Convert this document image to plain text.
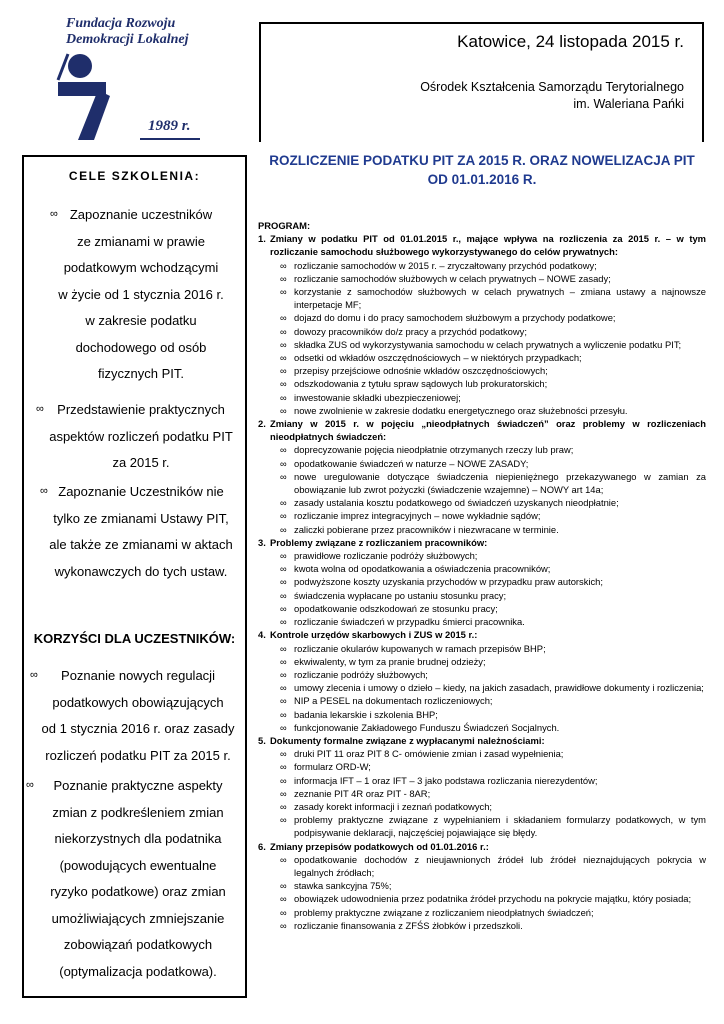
Fundacja Rozwoju
Demokracji Lokalnej
1989 r.
Katowice, 24 listopada 2015 r.
Ośrodek Kształcenia Samorządu Terytorialnego
im. Waleriana Pańki
ROZLICZENIE PODATKU PIT ZA 2015 R. ORAZ NOWELIZACJA PIT
OD 01.01.2016 R.
CELE SZKOLENIA:
∞ Zapoznanie uczestników
ze zmianami w prawie
podatkowym wchodzącymi
w życie od 1 stycznia 2016 r.
w zakresie podatku
dochodowego od osób
fizycznych PIT.
∞	Przedstawienie praktycznych
aspektów rozliczeń podatku PIT
za 2015 r.
∞ Zapoznanie Uczestników nie
tylko ze zmianami Ustawy PIT,
ale także ze zmianami w aktach
wykonawczych do tych ustaw.
∞	Poznanie nowych regulacji
podatkowych obowiązujących
od 1 stycznia 2016 r. oraz zasady
rozliczeń podatku PIT za 2015 r.
∞	Poznanie praktyczne aspekty
zmian z podkreśleniem zmian
niekorzystnych dla podatnika
(powodujących ewentualne
ryzyko podatkowe) oraz zmian
umożliwiających zmniejszanie
zobowiązań podatkowych
(optymalizacja podatkowa).
KORZYŚCI DLA UCZESTNIKÓW:
PROGRAM:
1. Zmiany w podatku PIT od 01.01.2015 r., mające wpływa na rozliczenia za 2015 r. – w tym rozliczanie samochodu służbowego wykorzystywanego do celów prywatnych:
∞ rozliczanie samochodów w 2015 r. – zryczałtowany przychód podatkowy;
∞ rozliczanie samochodów służbowych w celach prywatnych – NOWE zasady;
∞ korzystanie z samochodów służbowych w celach prywatnych – zmiana ustawy a najnowsze interpetacje MF;
∞ dojazd do domu i do pracy samochodem służbowym a przychody podatkowe;
∞ dowozy pracowników do/z pracy a przychód podatkowy;
∞ składka ZUS od wykorzystywania samochodu w celach prywatnych a wyliczenie podatku PIT;
∞ odsetki od wkładów oszczędnościowych – w niektórych przypadkach;
∞ przepisy przejściowe odnośnie wkładów oszczędnościowych;
∞ odszkodowania z tytułu spraw sądowych lub prokuratorskich;
∞ inwestowanie składki ubezpieczeniowej;
∞ nowe zwolnienie w zakresie dodatku energetycznego oraz służebności przesyłu.
2. Zmiany w 2015 r. w pojęciu „nieodpłatnych świadczeń” oraz problemy w rozliczeniach nieodpłatnych świadczeń:
∞ doprecyzowanie pojęcia nieodpłatnie otrzymanych rzeczy lub praw;
∞ opodatkowanie świadczeń w naturze – NOWE ZASADY;
∞ nowe uregulowanie dotyczące świadczenia niepieniężnego przekazywanego w zamian za obowiązanie lub zwrot pożyczki (świadczenie wzajemne) – NOWY art 14a;
∞ zasady ustalania kosztu podatkowego od świadczeń uzyskanych nieodpłatnie;
∞ rozliczanie imprez integracyjnych – nowe wykładnie sądów;
∞ zaliczki pobierane przez pracowników i niezwracane w terminie.
3. Problemy związane z rozliczaniem pracowników:
∞ prawidłowe rozliczanie podróży służbowych;
∞ kwota wolna od opodatkowania a oświadczenia pracowników;
∞ podwyższone koszty uzyskania przychodów w przypadku praw autorskich;
∞ świadczenia wypłacane po ustaniu stosunku pracy;
∞ opodatkowanie odszkodowań ze stosunku pracy;
∞ rozliczanie świadczeń w przypadku śmierci pracownika.
4. Kontrole urzędów skarbowych i ZUS w 2015 r.:
∞ rozliczanie okularów kupowanych w ramach przepisów BHP;
∞ ekwiwalenty, w tym za pranie brudnej odzieży;
∞ rozliczanie podróży służbowych;
∞ umowy zlecenia i umowy o dzieło – kiedy, na jakich zasadach, prawidłowe dokumenty i rozliczenia;
∞ NIP a PESEL na dokumentach rozliczeniowych;
∞ badania lekarskie i szkolenia BHP;
∞ funkcjonowanie Zakładowego Funduszu Świadczeń Socjalnych.
5. Dokumenty formalne związane z wypłacanymi należnościami:
∞ druki PIT 11 oraz PIT 8 C- omówienie zmian i zasad wypełnienia;
∞ formularz ORD-W;
∞ informacja IFT – 1 oraz IFT – 3 jako podstawa rozliczania nierezydentów;
∞ zeznanie PIT 4R oraz PIT - 8AR;
∞ zasady korekt informacji i zeznań podatkowych;
∞ problemy praktyczne związane z wypełnianiem i składaniem formularzy podatkowych, w tym podpisywanie deklaracji, najczęściej pojawiające się błędy.
6. Zmiany przepisów podatkowych od 01.01.2016 r.:
∞ opodatkowanie dochodów z nieujawnionych źródeł lub źródeł nieznajdujących pokrycia w legalnych źródłach;
∞ stawka sankcyjna 75%;
∞ obowiązek udowodnienia przez podatnika źródeł przychodu na pokrycie majątku, który posiada;
∞ problemy praktyczne związane z rozliczaniem nieodpłatnych świadczeń;
∞ rozliczanie finansowania z ZFŚS żłobków i przedszkoli.
